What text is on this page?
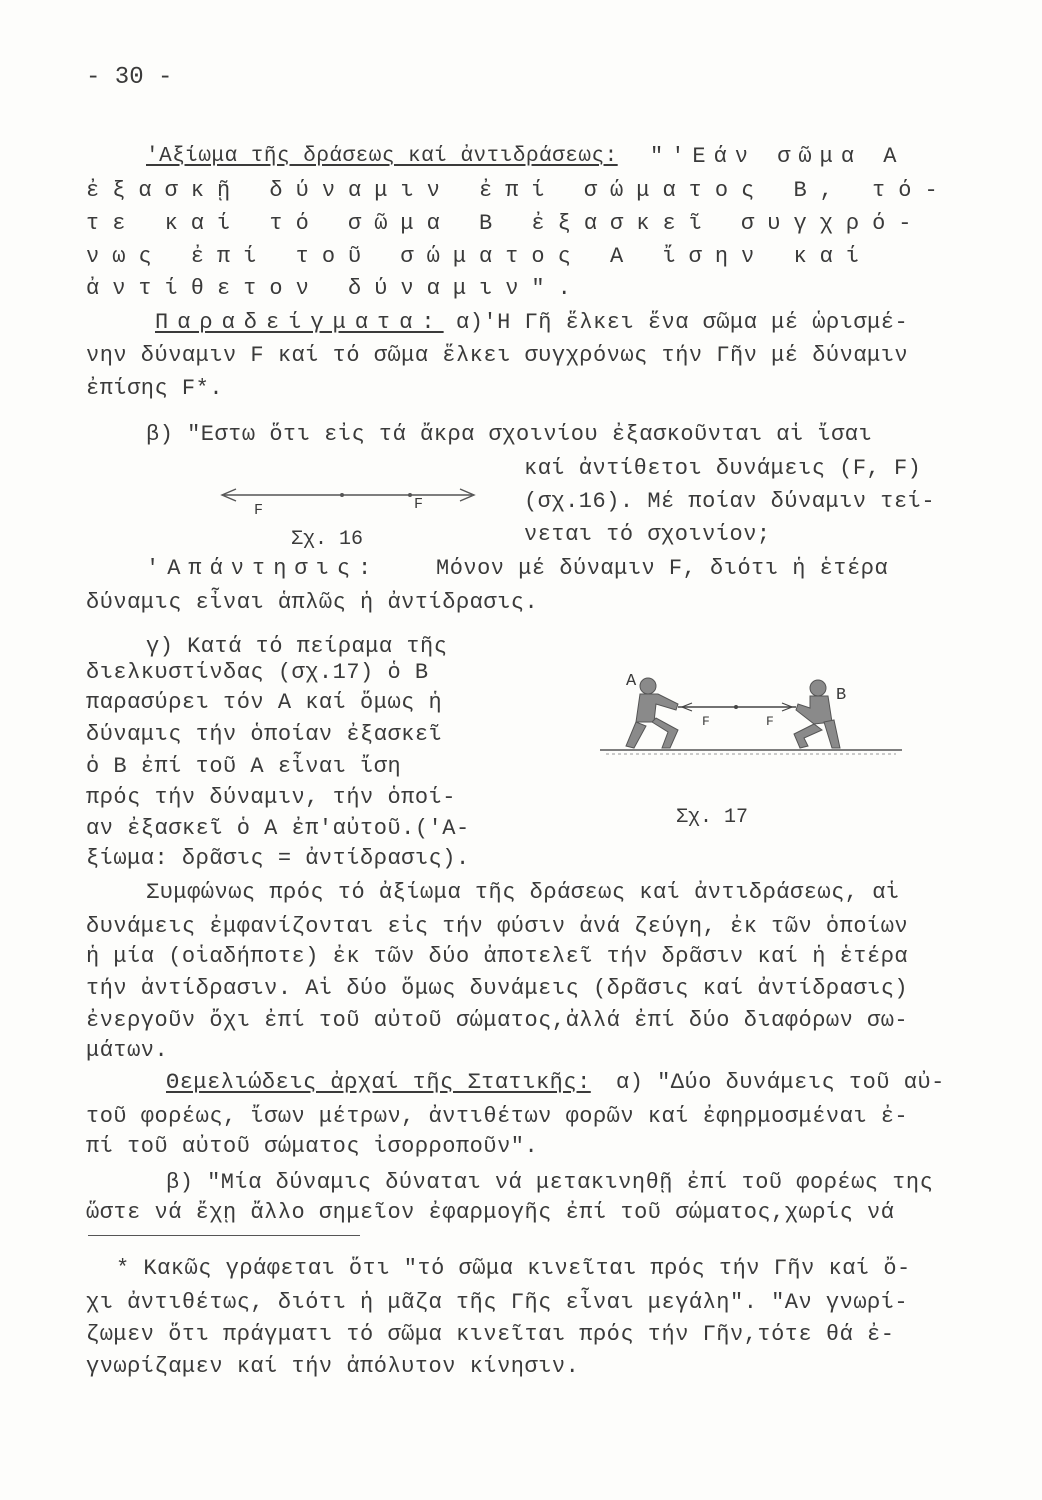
- 30 -
'Αξίωμα τῆς δράσεως καί ἀντιδράσεως: "'Εάν σῶμα Α
ἐξασκῇ δύναμιν ἐπί σώματος Β, τό-
τε καί τό σῶμα Β ἐξασκεῖ συγχρό-
νως ἐπί τοῦ σώματος Α ἴσην καί
ἀντίθετον δύναμιν".
Παραδείγματα: α)'Η Γῆ ἕλκει ἕνα σῶμα μέ ὡρισμέ-
νην δύναμιν F καί τό σῶμα ἕλκει συγχρόνως τήν Γῆν μέ δύναμιν
ἐπίσης F*.
β) "Εστω ὅτι εἰς τά ἄκρα σχοινίου ἐξασκοῦνται αἱ ἴσαι
καί ἀντίθετοι δυνάμεις (F, F)
(σχ.16). Μέ ποίαν δύναμιν τεί-
νεται τό σχοινίον;
F	F
Σχ. 16
'Απάντησις:	Μόνον μέ δύναμιν F, διότι ἡ ἑτέρα
δύναμις εἶναι ἁπλῶς ἡ ἀντίδρασις.
γ) Κατά τό πείραμα τῆς
διελκυστίνδας (σχ.17) ὁ Β
παρασύρει τόν Α καί ὅμως ἡ
δύναμις τήν ὁποίαν ἐξασκεῖ
ὁ Β ἐπί τοῦ Α εἶναι ἴση
πρός τήν δύναμιν, τήν ὁποί-
αν ἐξασκεῖ ὁ Α ἐπ'αὐτοῦ.('Α-
ξίωμα: δρᾶσις = ἀντίδρασις).
A
B
F	F
Σχ. 17
Συμφώνως πρός τό ἀξίωμα τῆς δράσεως καί ἀντιδράσεως, αἱ
δυνάμεις ἐμφανίζονται εἰς τήν φύσιν ἀνά ζεύγη, ἐκ τῶν ὁποίων
ἡ μία (οἱαδήποτε) ἐκ τῶν δύο ἀποτελεῖ τήν δρᾶσιν καί ἡ ἑτέρα
τήν ἀντίδρασιν. Αἱ δύο ὅμως δυνάμεις (δρᾶσις καί ἀντίδρασις)
ἐνεργοῦν ὄχι ἐπί τοῦ αὐτοῦ σώματος,ἀλλά ἐπί δύο διαφόρων σω-
μάτων.
Θεμελιώδεις ἀρχαί τῆς Στατικῆς: α) "Δύο δυνάμεις τοῦ αὐ-
τοῦ φορέως, ἴσων μέτρων, ἀντιθέτων φορῶν καί ἐφηρμοσμέναι ἐ-
πί τοῦ αὐτοῦ σώματος ἰσορροποῦν".
β) "Μία δύναμις δύναται νά μετακινηθῇ ἐπί τοῦ φορέως της
ὥστε νά ἔχῃ ἄλλο σημεῖον ἐφαρμογῆς ἐπί τοῦ σώματος,χωρίς νά
* Κακῶς γράφεται ὅτι "τό σῶμα κινεῖται πρός τήν Γῆν καί ὄ-
χι ἀντιθέτως, διότι ἡ μᾶζα τῆς Γῆς εἶναι μεγάλη". "Αν γνωρί-
ζωμεν ὅτι πράγματι τό σῶμα κινεῖται πρός τήν Γῆν,τότε θά ἐ-
γνωρίζαμεν καί τήν ἀπόλυτον κίνησιν.
